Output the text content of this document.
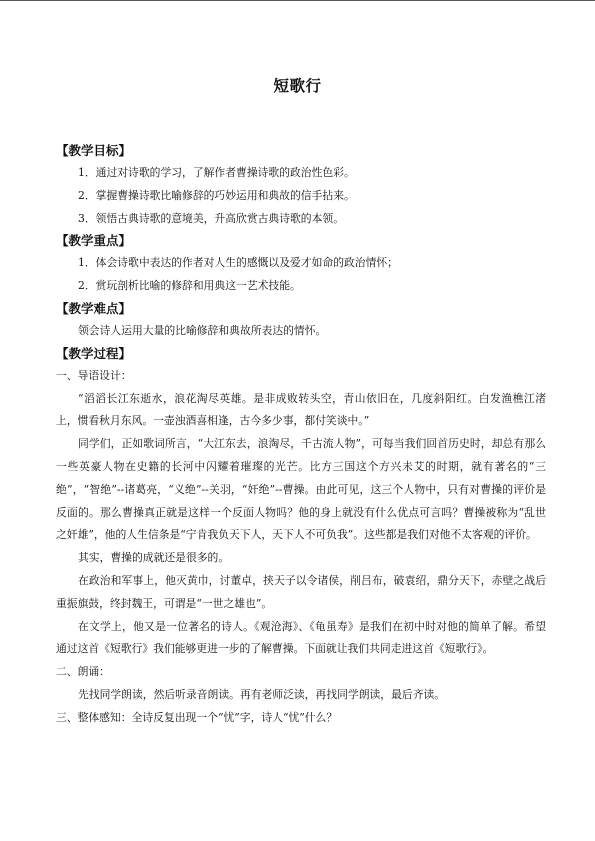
短歌行
【教学目标】
1．通过对诗歌的学习，了解作者曹操诗歌的政治性色彩。
2．掌握曹操诗歌比喻修辞的巧妙运用和典故的信手拈来。
3．领悟古典诗歌的意境美，升高欣赏古典诗歌的本领。
【教学重点】
1．体会诗歌中表达的作者对人生的感慨以及爱才如命的政治情怀；
2．赏玩剖析比喻的修辞和用典这一艺术技能。
【教学难点】
领会诗人运用大量的比喻修辞和典故所表达的情怀。
【教学过程】
一、导语设计：
“滔滔长江东逝水，浪花淘尽英雄。是非成败转头空，青山依旧在，几度斜阳红。白发渔樵江渚上，惯看秋月东风。一壶浊酒喜相逢，古今多少事，都付笑谈中。”
同学们，正如歌词所言，“大江东去，浪淘尽，千古流人物”，可每当我们回首历史时，却总有那么一些英豪人物在史籍的长河中闪耀着璀璨的光芒。比方三国这个方兴未艾的时期，就有著名的“三绝”，“智绝”--诸葛亮，“义绝”--关羽，“奸绝”--曹操。由此可见，这三个人物中，只有对曹操的评价是反面的。那么曹操真正就是这样一个反面人物吗？他的身上就没有什么优点可言吗？曹操被称为“乱世之奸雄”，他的人生信条是“宁肯我负天下人，天下人不可负我”。这些都是我们对他不太客观的评价。
其实，曹操的成就还是很多的。
在政治和军事上，他灭黄巾，讨董卓，挟天子以令诸侯，削吕布，破袁绍，鼎分天下，赤壁之战后重振旗鼓，终封魏王，可谓是“一世之雄也”。
在文学上，他又是一位著名的诗人。《观沧海》、《龟虽寿》是我们在初中时对他的简单了解。希望通过这首《短歌行》我们能够更进一步的了解曹操。下面就让我们共同走进这首《短歌行》。
二、朗诵：
先找同学朗读，然后听录音朗读。再有老师泛读，再找同学朗读，最后齐读。
三、整体感知：全诗反复出现一个“忧”字，诗人“忧”什么？
